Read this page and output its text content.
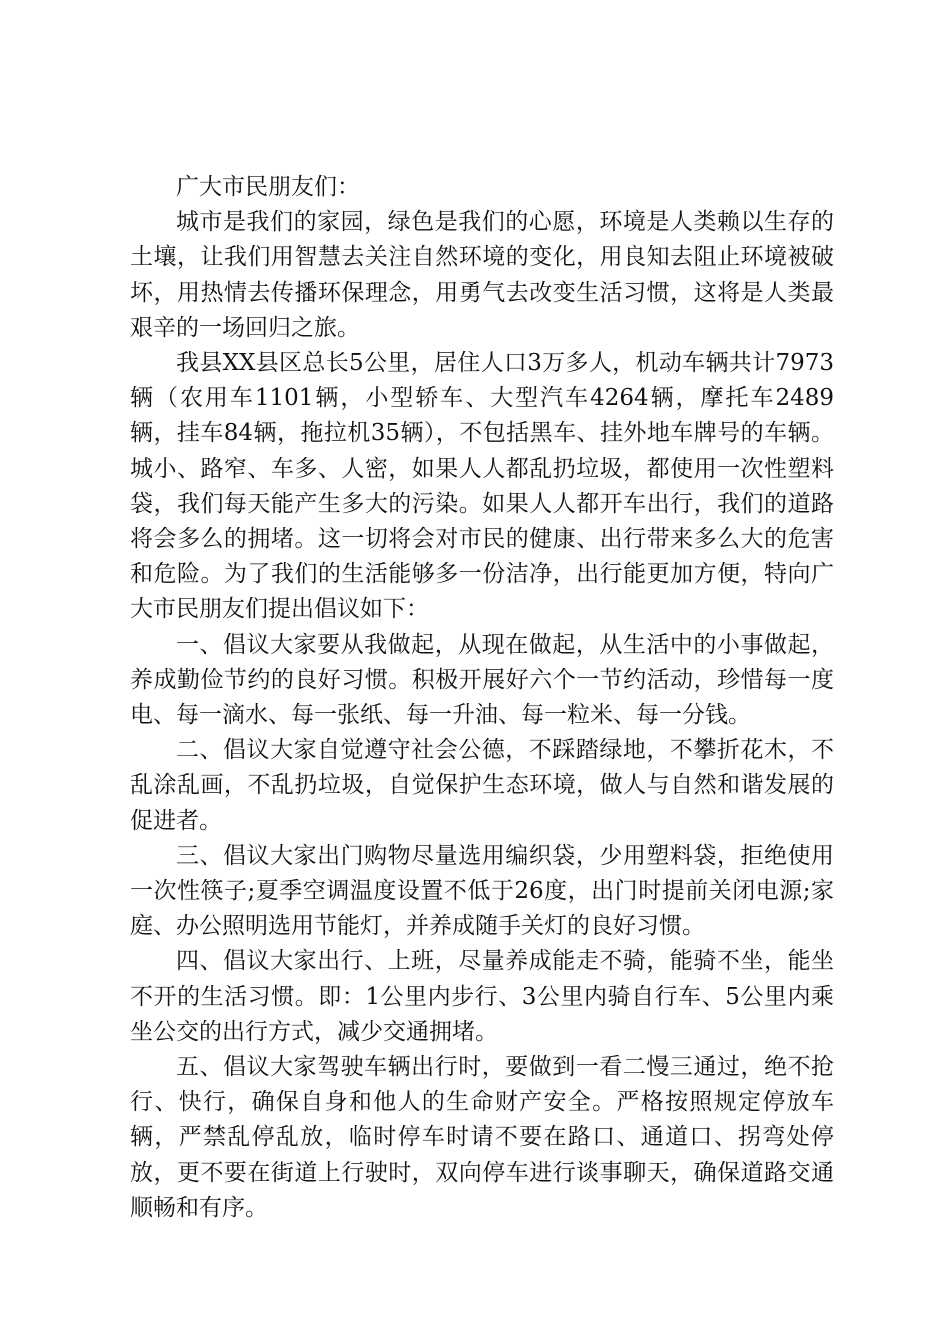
广大市民朋友们：

城市是我们的家园，绿色是我们的心愿，环境是人类赖以生存的土壤，让我们用智慧去关注自然环境的变化，用良知去阻止环境被破坏，用热情去传播环保理念，用勇气去改变生活习惯，这将是人类最艰辛的一场回归之旅。

我县XX县区总长5公里，居住人口3万多人，机动车辆共计7973辆（农用车1101辆，小型轿车、大型汽车4264辆，摩托车2489辆，挂车84辆，拖拉机35辆），不包括黑车、挂外地车牌号的车辆。城小、路窄、车多、人密，如果人人都乱扔垃圾，都使用一次性塑料袋，我们每天能产生多大的污染。如果人人都开车出行，我们的道路将会多么的拥堵。这一切将会对市民的健康、出行带来多么大的危害和危险。为了我们的生活能够多一份洁净，出行能更加方便，特向广大市民朋友们提出倡议如下：

一、倡议大家要从我做起，从现在做起，从生活中的小事做起，养成勤俭节约的良好习惯。积极开展好六个一节约活动，珍惜每一度电、每一滴水、每一张纸、每一升油、每一粒米、每一分钱。

二、倡议大家自觉遵守社会公德，不踩踏绿地，不攀折花木，不乱涂乱画，不乱扔垃圾，自觉保护生态环境，做人与自然和谐发展的促进者。

三、倡议大家出门购物尽量选用编织袋，少用塑料袋，拒绝使用一次性筷子;夏季空调温度设置不低于26度，出门时提前关闭电源;家庭、办公照明选用节能灯，并养成随手关灯的良好习惯。

四、倡议大家出行、上班，尽量养成能走不骑，能骑不坐，能坐不开的生活习惯。即：1公里内步行、3公里内骑自行车、5公里内乘坐公交的出行方式，减少交通拥堵。

五、倡议大家驾驶车辆出行时，要做到一看二慢三通过，绝不抢行、快行，确保自身和他人的生命财产安全。严格按照规定停放车辆，严禁乱停乱放，临时停车时请不要在路口、通道口、拐弯处停放，更不要在街道上行驶时，双向停车进行谈事聊天，确保道路交通顺畅和有序。
